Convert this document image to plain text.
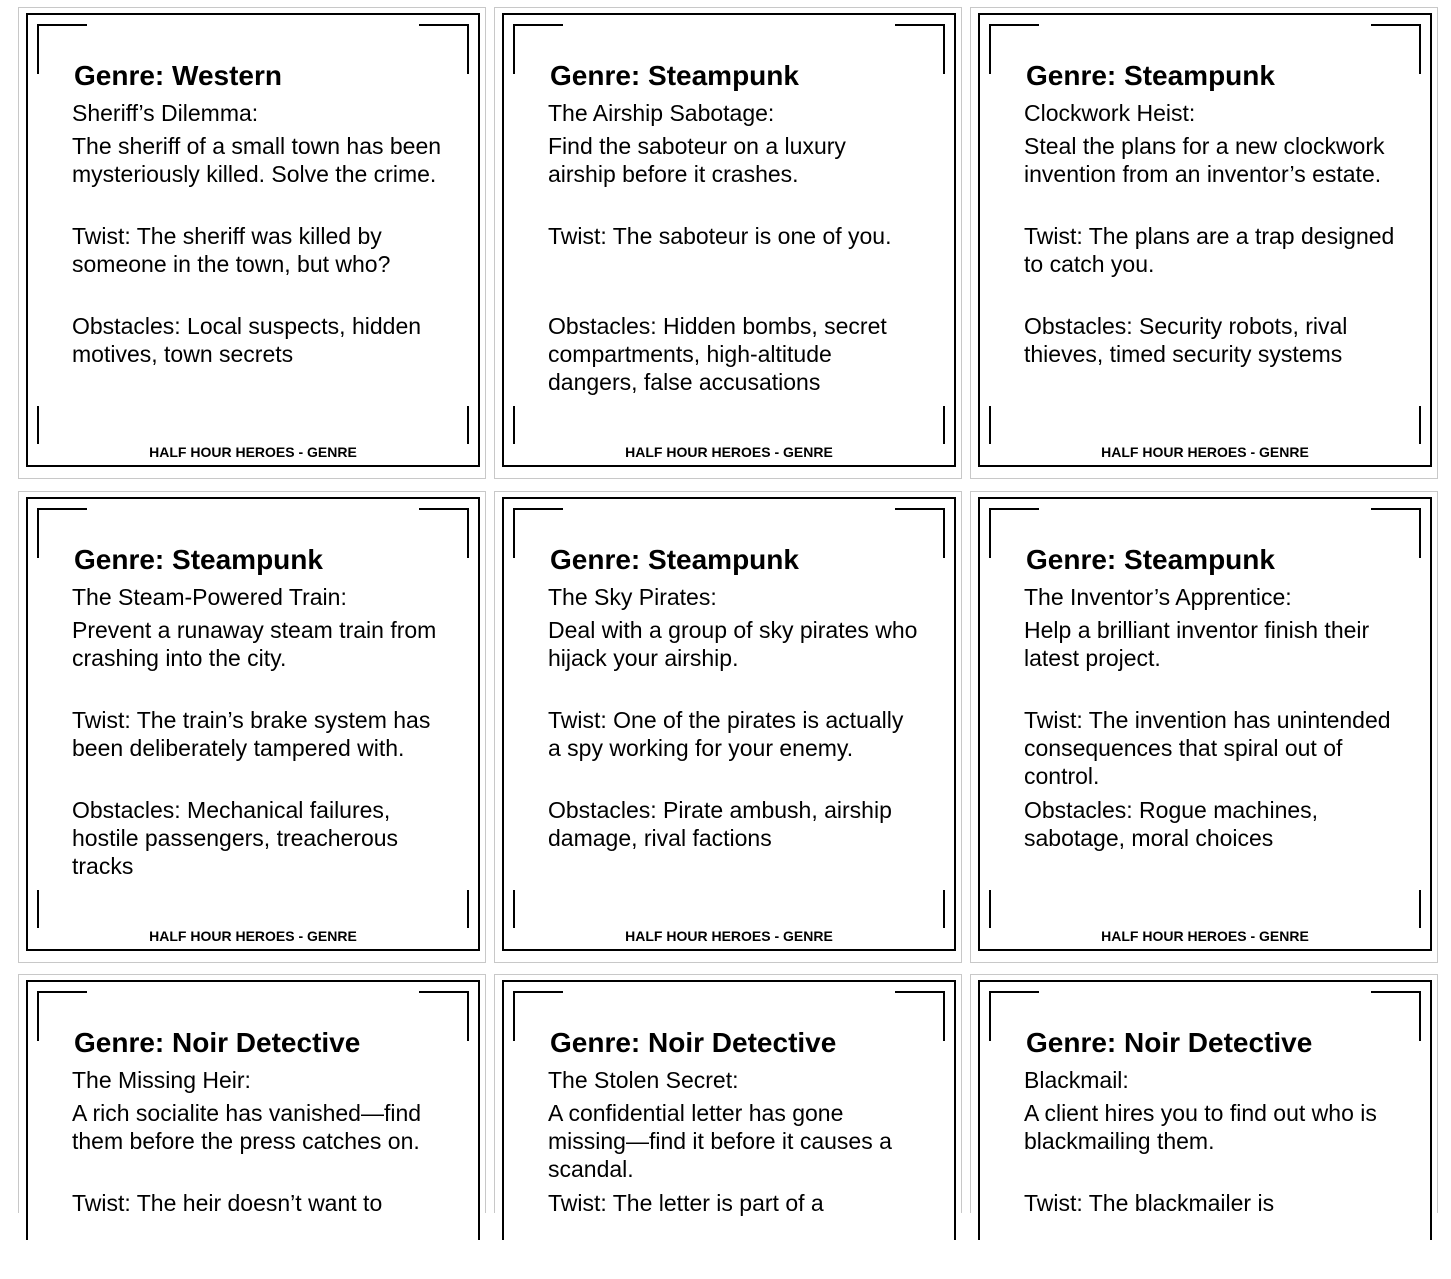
Genre: Western
Sheriff’s Dilemma:
The sheriff of a small town has been mysteriously killed. Solve the crime.
Twist: The sheriff was killed by someone in the town, but who?
Obstacles: Local suspects, hidden motives, town secrets
HALF HOUR HEROES - GENRE
Genre: Steampunk
The Airship Sabotage:
Find the saboteur on a luxury airship before it crashes.
Twist: The saboteur is one of you.
Obstacles: Hidden bombs, secret compartments, high-altitude dangers, false accusations
HALF HOUR HEROES - GENRE
Genre: Steampunk
Clockwork Heist:
Steal the plans for a new clockwork invention from an inventor’s estate.
Twist: The plans are a trap designed to catch you.
Obstacles: Security robots, rival thieves, timed security systems
HALF HOUR HEROES - GENRE
Genre: Steampunk
The Steam-Powered Train:
Prevent a runaway steam train from crashing into the city.
Twist: The train’s brake system has been deliberately tampered with.
Obstacles: Mechanical failures, hostile passengers, treacherous tracks
HALF HOUR HEROES - GENRE
Genre: Steampunk
The Sky Pirates:
Deal with a group of sky pirates who hijack your airship.
Twist: One of the pirates is actually a spy working for your enemy.
Obstacles: Pirate ambush, airship damage, rival factions
HALF HOUR HEROES - GENRE
Genre: Steampunk
The Inventor’s Apprentice:
Help a brilliant inventor finish their latest project.
Twist: The invention has unintended consequences that spiral out of control.
Obstacles: Rogue machines, sabotage, moral choices
HALF HOUR HEROES - GENRE
Genre: Noir Detective
The Missing Heir:
A rich socialite has vanished—find them before the press catches on.
Twist: The heir doesn’t want to
Genre: Noir Detective
The Stolen Secret:
A confidential letter has gone missing—find it before it causes a scandal.
Twist: The letter is part of a
Genre: Noir Detective
Blackmail:
A client hires you to find out who is blackmailing them.
Twist: The blackmailer is
